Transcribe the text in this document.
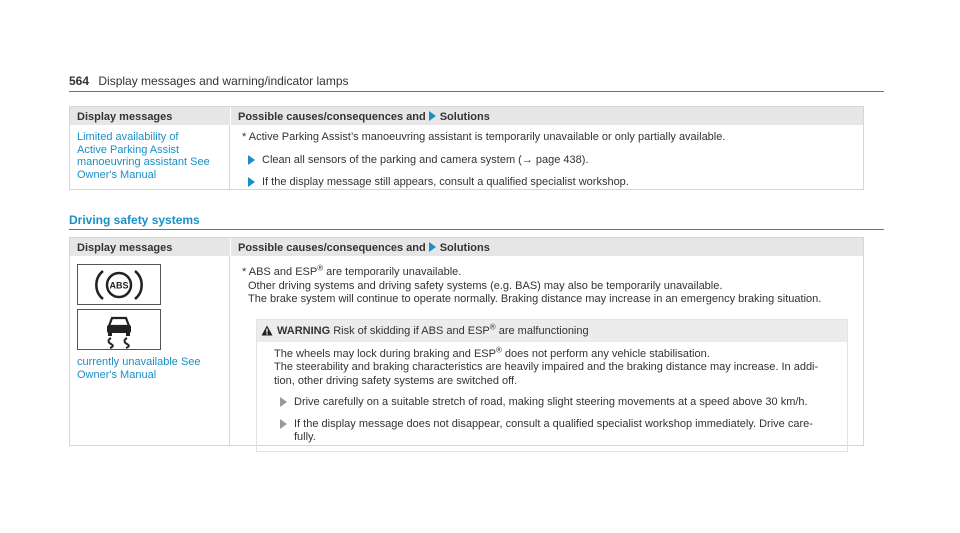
564 Display messages and warning/indicator lamps
Display messages	Possible causes/consequences and Solutions
Limited availability of
Active Parking Assist
manoeuvring assistant See
Owner's Manual
* Active Parking Assist’s manoeuvring assistant is temporarily unavailable or only partially available.
Clean all sensors of the parking and camera system (→ page 438).
If the display message still appears, consult a qualified specialist workshop.
Driving safety systems
Display messages	Possible causes/consequences and Solutions
ABS
currently unavailable See
Owner's Manual
* ABS and ESP® are temporarily unavailable.
Other driving systems and driving safety systems (e.g. BAS) may also be temporarily unavailable.
The brake system will continue to operate normally. Braking distance may increase in an emergency braking situation.
WARNING Risk of skidding if ABS and ESP® are malfunctioning
The wheels may lock during braking and ESP® does not perform any vehicle stabilisation.
The steerability and braking characteristics are heavily impaired and the braking distance may increase. In addi-
tion, other driving safety systems are switched off.
Drive carefully on a suitable stretch of road, making slight steering movements at a speed above 30 km/h.
If the display message does not disappear, consult a qualified specialist workshop immediately. Drive care-
fully.
